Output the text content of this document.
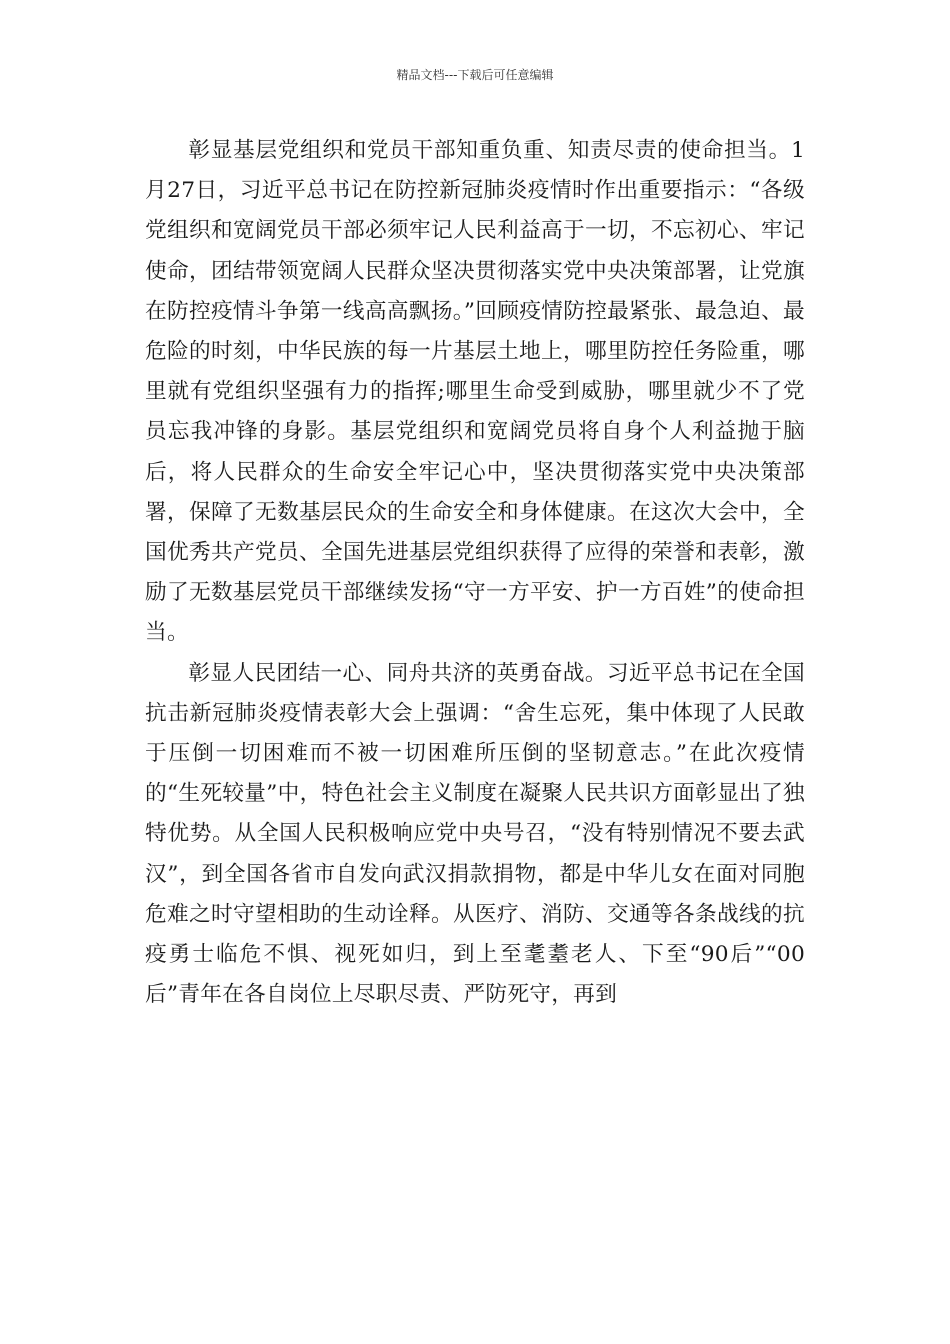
精品文档---下载后可任意编辑

彰显基层党组织和党员干部知重负重、知责尽责的使命担当。1月27日，习近平总书记在防控新冠肺炎疫情时作出重要指示：“各级党组织和宽阔党员干部必须牢记人民利益高于一切，不忘初心、牢记使命，团结带领宽阔人民群众坚决贯彻落实党中央决策部署，让党旗在防控疫情斗争第一线高高飘扬。”回顾疫情防控最紧张、最急迫、最危险的时刻，中华民族的每一片基层土地上，哪里防控任务险重，哪里就有党组织坚强有力的指挥;哪里生命受到威胁，哪里就少不了党员忘我冲锋的身影。基层党组织和宽阔党员将自身个人利益抛于脑后，将人民群众的生命安全牢记心中，坚决贯彻落实党中央决策部署，保障了无数基层民众的生命安全和身体健康。在这次大会中，全国优秀共产党员、全国先进基层党组织获得了应得的荣誉和表彰，激励了无数基层党员干部继续发扬“守一方平安、护一方百姓”的使命担当。

彰显人民团结一心、同舟共济的英勇奋战。习近平总书记在全国抗击新冠肺炎疫情表彰大会上强调：“舍生忘死，集中体现了人民敢于压倒一切困难而不被一切困难所压倒的坚韧意志。”在此次疫情的“生死较量”中，特色社会主义制度在凝聚人民共识方面彰显出了独特优势。从全国人民积极响应党中央号召，“没有特别情况不要去武汉”，到全国各省市自发向武汉捐款捐物，都是中华儿女在面对同胞危难之时守望相助的生动诠释。从医疗、消防、交通等各条战线的抗疫勇士临危不惧、视死如归，到上至耄耋老人、下至“90后”“00后”青年在各自岗位上尽职尽责、严防死守，再到
